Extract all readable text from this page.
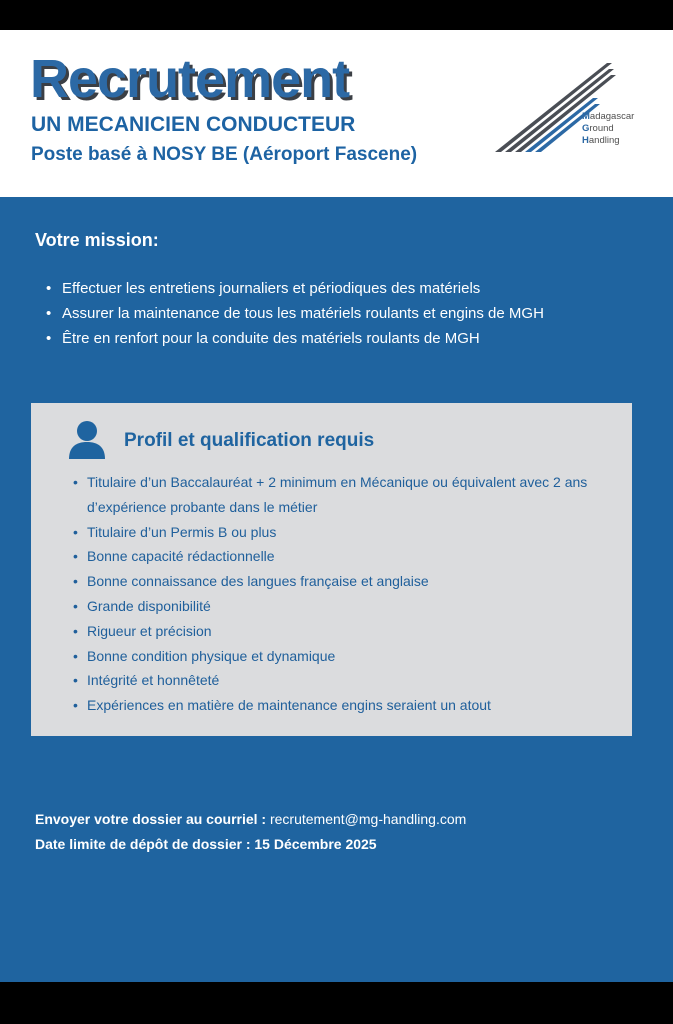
Recrutement
UN MECANICIEN CONDUCTEUR
Poste basé à NOSY BE (Aéroport Fascene)
Madagascar
Ground
Handling
Votre mission:
• Effectuer les entretiens journaliers et périodiques des matériels
• Assurer la maintenance de tous les matériels roulants et engins de MGH
• Être en renfort pour la conduite des matériels roulants de MGH
Profil et qualification requis
• Titulaire d’un Baccalauréat + 2 minimum en Mécanique ou équivalent avec 2 ans d’expérience probante dans le métier
• Titulaire d’un Permis B ou plus
• Bonne capacité rédactionnelle
• Bonne connaissance des langues française et anglaise
• Grande disponibilité
• Rigueur et précision
• Bonne condition physique et dynamique
• Intégrité et honnêteté
• Expériences en matière de maintenance engins seraient un atout
Envoyer votre dossier au courriel : recrutement@mg-handling.com
Date limite de dépôt de dossier : 15 Décembre 2025
